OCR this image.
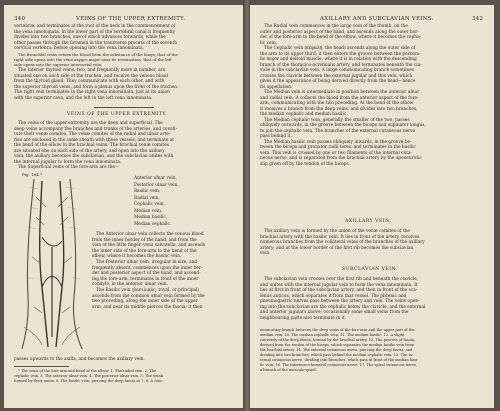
VEINS OF THE UPPER EXTREMITY.
340
vertebræ, and terminates at the root of the neck in the commencement of
the vena innominata. In the lower part of the vertebral canal it frequently
divides into two branches, one of which advances forwards, while the
other passes through the foramen in the transverse process of the seventh
cervical vertebra, before opening into the vena innominata.
The Bronchial veins return the blood from the substance of the lungs; that of the
right side opens into the vena azygos major near its termination; that of the left
side opens into the superior intercostal vein.
The Inferior thyroid veins, two, and frequently more in number, are
situated one on each side of the trachea, and receive the venous blood
from the thyroid gland. They communicate with each other, and with
the superior thyroid veins, and form a plexus upon the front of the trachea.
The right vein terminates in the right vena innominata, just at its union
with the superior cava, and the left in the left vena innominata.
VEINS OF THE UPPER EXTREMITY.
The veins of the upper extremity are the deep and superficial. The
deep veins accompany the branches and trunks of the arteries, and consti-
tute their venæ comites. The venæ comites of the radial and ulnar arte-
ries are enclosed in the same sheath with those vessels, and terminate at
the bend of the elbow in the brachial veins. The brachial venæ comites
are situated one on each side of the artery, and open into the axillary
vein; the axillary becomes the subclavian, and the subclavian unites with
the internal jugular to form the vena innominata.
The Superficial veins of the fore-arm are the—
Fig. 184.*
Anterior ulnar vein,
Posterior ulnar vein,
Basilic vein,
Radial vein,
Cephalic vein,
Median vein,
Median basilic,
Median cephalic.
The Anterior ulnar vein collects the venous blood
from the inner border of the hand, and from the
vein of the little finger, vena salvatella, and ascends
the inner side of the fore-arm to the bend of the
elbow, where it becomes the basilic vein.
The Posterior ulnar vein, irregular in size, and
frequently absent, commences upon the inner bor-
der and posterior aspect of the hand, and ascend-
ing the fore-arm, terminates in front of the inner
condyle, in the anterior ulnar vein.
The Basilic vein (βασιλικὸς, royal, or principal)
ascends from the common ulnar vein formed by the
two preceding, along the inner side of the upper
arm, and near its middle pierces the fascia; it then
passes upwards to the axilla, and becomes the axillary vein.
* The veins of the fore-arm and bend of the elbow. 1. The radial vein. 2. The
cephalic vein. 3. The anterior ulnar vein. 4. The posterior ulnar vein. 5. The trunk
formed by their union. 6. The basilic vein, piercing the deep fascia at 7. 8. A com-
AXILLARY AND SUBCLAVIAN VEINS.	342
The Radial vein commences in the large vein of the thumb, on the
outer and posterior aspect of the hand, and ascends along the outer bor-
der of the fore-arm to the bend of the elbow, where it becomes the cepha-
lic vein.
The Cephalic vein (κεφαλή, the head) ascends along the outer side of
the arm to its upper third; it then enters the groove between the pectora-
lis major and deltoid muscle, where it is in relation with the descending
branch of the thoracico-acromialis artery, and terminates beneath the cla-
vicle in the subclavian vein. A large communicating branch sometimes
crosses the clavicle between the external jugular and this vein, which
gives it the appearance of being derived directly from the head—hence
its appellation.
The Median vein is intermediate in position between the anterior ulnar
and radial vein; it collects the blood from the anterior aspect of the fore-
arm, communicating with the two preceding. At the bend of the elbow
it receives a branch from the deep veins, and divides into two branches,
the median cephalic and median basilic.
The Median cephalic vein, generally the smaller of the two, passes
obliquely outwards, in the groove between the biceps and supinator longus,
to join the cephalic vein. The branches of the external cutaneous nerve
pass behind it.
The Median basilic vein passes obliquely inwards, in the groove be-
tween the biceps and pronator radii teres, and terminates in the basilic
vein. This vein is crossed by one or two filaments of the internal cuta-
neous nerve, and is separated from the brachial artery by the aponeurotic
slip given off by the tendon of the biceps.
AXILLARY VEIN.
The axillary vein is formed by the union of the venæ comites of the
brachial artery with the basilic vein. It lies in front of the artery, receives
numerous branches from the collateral veins of the branches of the axillary
artery; and at the lower border of the first rib becomes the subclavian
vein.
SUBCLAVIAN VEIN.
The subclavian vein crosses over the first rib and beneath the clavicle,
and unites with the internal jugular vein to form the vena innominata. It
lies at first in front of the subclavian artery, and then in front of the sca-
lenus anticus, which separates it from that vessel. The phrenic and
pneumogastric nerves pass between the artery and vein. The veins open-
ing into the subclavian are the cephalic below the clavicle, and the external
and anterior jugulars above; occasionally some small veins from the
neighbouring parts also terminate in it.
municating branch between the deep veins of the fore-arm and the upper part of the
median vein. 10. The median cephalic vein. 11. The median basilic. 12. A slight
convexity of the deep fascia, formed by the brachial artery. 13. The process of fascia,
derived from the tendon of the biceps, which separates the median basilic vein from
the brachial artery. 14. The external cutaneous nerve, piercing the deep fascia, and
dividing into two branches, which pass behind the median cephalic vein. 15. The in-
ternal cutaneous nerve, dividing into branches, which pass in front of the median basi-
lic vein. 16. The internuscu-humeral cutaneous nerve. 17. The spiral cutaneous nerve,
a branch of the musculo-spiral.
